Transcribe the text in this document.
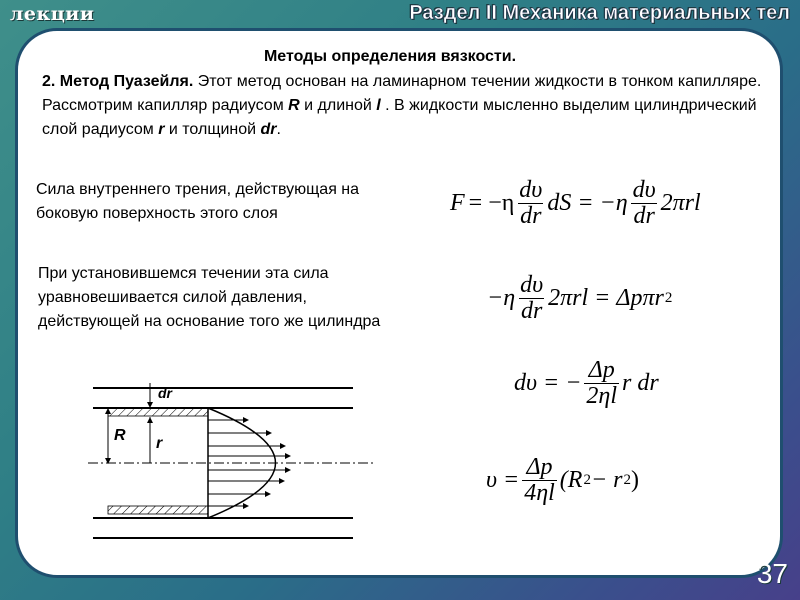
лекции	Раздел II Механика материальных тел
Методы определения вязкости.
2. Метод Пуазейля. Этот метод основан на ламинарном течении жидкости в тонком капилляре. Рассмотрим капилляр радиусом R и длиной l . В жидкости мысленно выделим цилиндрический слой радиусом r и толщиной dr.
Сила внутреннего трения, действующая на боковую поверхность этого слоя
При установившемся течении эта сила уравновешивается силой давления, действующей на основание того же цилиндра
$F = -\eta \frac{d\upsilon}{dr}$ dS = $-\eta \frac{d\upsilon}{dr} 2\pi rl$
$-\eta \frac{d\upsilon}{dr} 2\pi rl = \Delta p\pi r$ 2
dυ = − $\frac{\Delta p}{2\eta l}$ r dr
$\upsilon = \frac{\Delta p}{4\eta l} (R$ 2 − r 2 )
dr
R r
37
